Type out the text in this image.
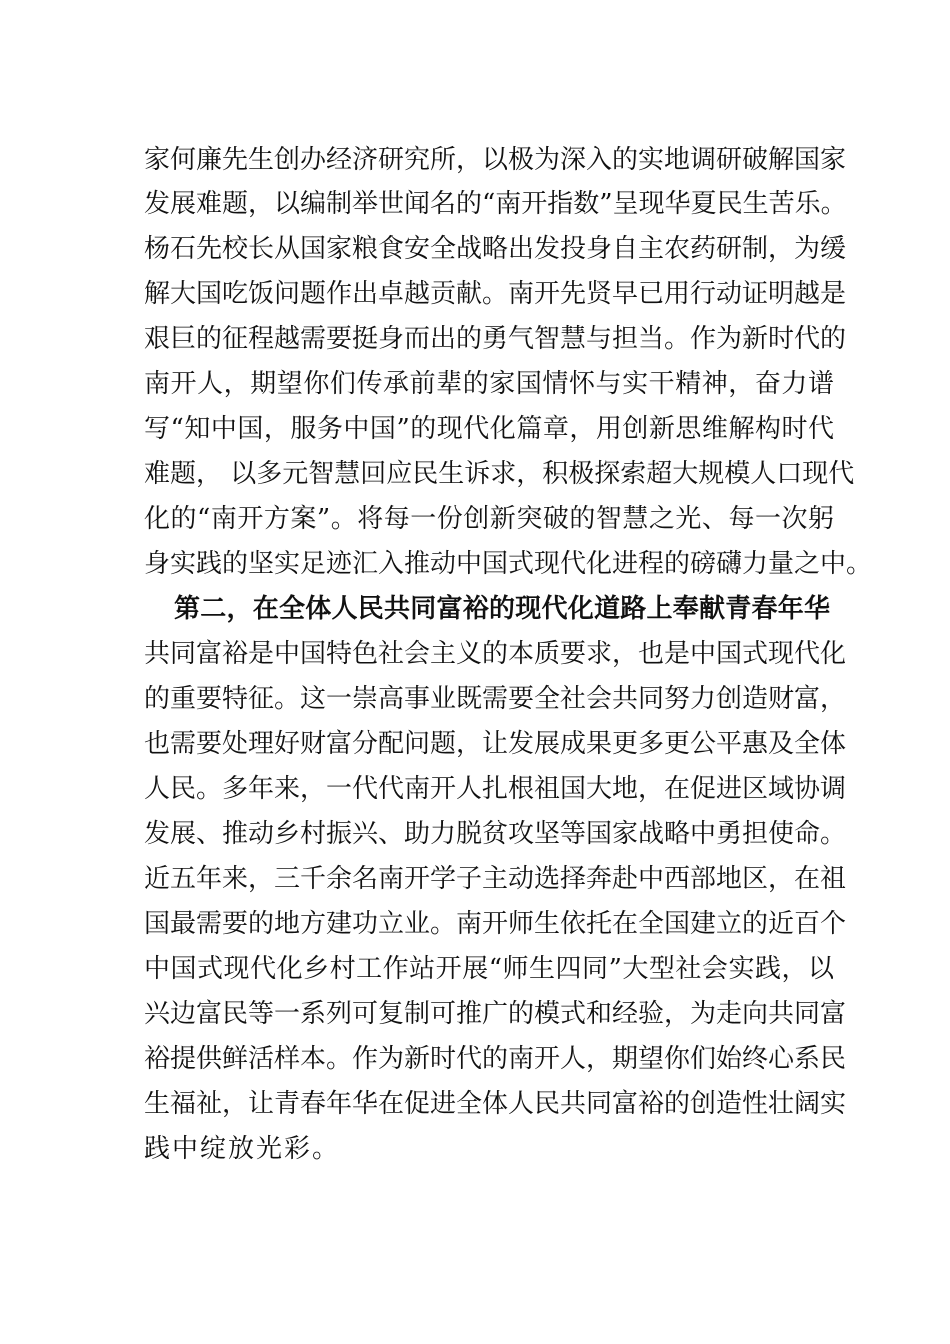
家何廉先生创办经济研究所，以极为深入的实地调研破解国家
发展难题，以编制举世闻名的“南开指数”呈现华夏民生苦乐。
杨石先校长从国家粮食安全战略出发投身自主农药研制，为缓
解大国吃饭问题作出卓越贡献。南开先贤早已用行动证明越是
艰巨的征程越需要挺身而出的勇气智慧与担当。作为新时代的
南开人，期望你们传承前辈的家国情怀与实干精神，奋力谱
写“知中国，服务中国”的现代化篇章，用创新思维解构时代
难题， 以多元智慧回应民生诉求，积极探索超大规模人口现代
化的“南开方案”。将每一份创新突破的智慧之光、每一次躬
身实践的坚实足迹汇入推动中国式现代化进程的磅礴力量之中。
第二，在全体人民共同富裕的现代化道路上奉献青春年华
共同富裕是中国特色社会主义的本质要求，也是中国式现代化
的重要特征。这一崇高事业既需要全社会共同努力创造财富，
也需要处理好财富分配问题，让发展成果更多更公平惠及全体
人民。多年来，一代代南开人扎根祖国大地，在促进区域协调
发展、推动乡村振兴、助力脱贫攻坚等国家战略中勇担使命。
近五年来，三千余名南开学子主动选择奔赴中西部地区，在祖
国最需要的地方建功立业。南开师生依托在全国建立的近百个
中国式现代化乡村工作站开展“师生四同”大型社会实践，以
兴边富民等一系列可复制可推广的模式和经验，为走向共同富
裕提供鲜活样本。作为新时代的南开人，期望你们始终心系民
生福祉，让青春年华在促进全体人民共同富裕的创造性壮阔实
践中绽放光彩。
